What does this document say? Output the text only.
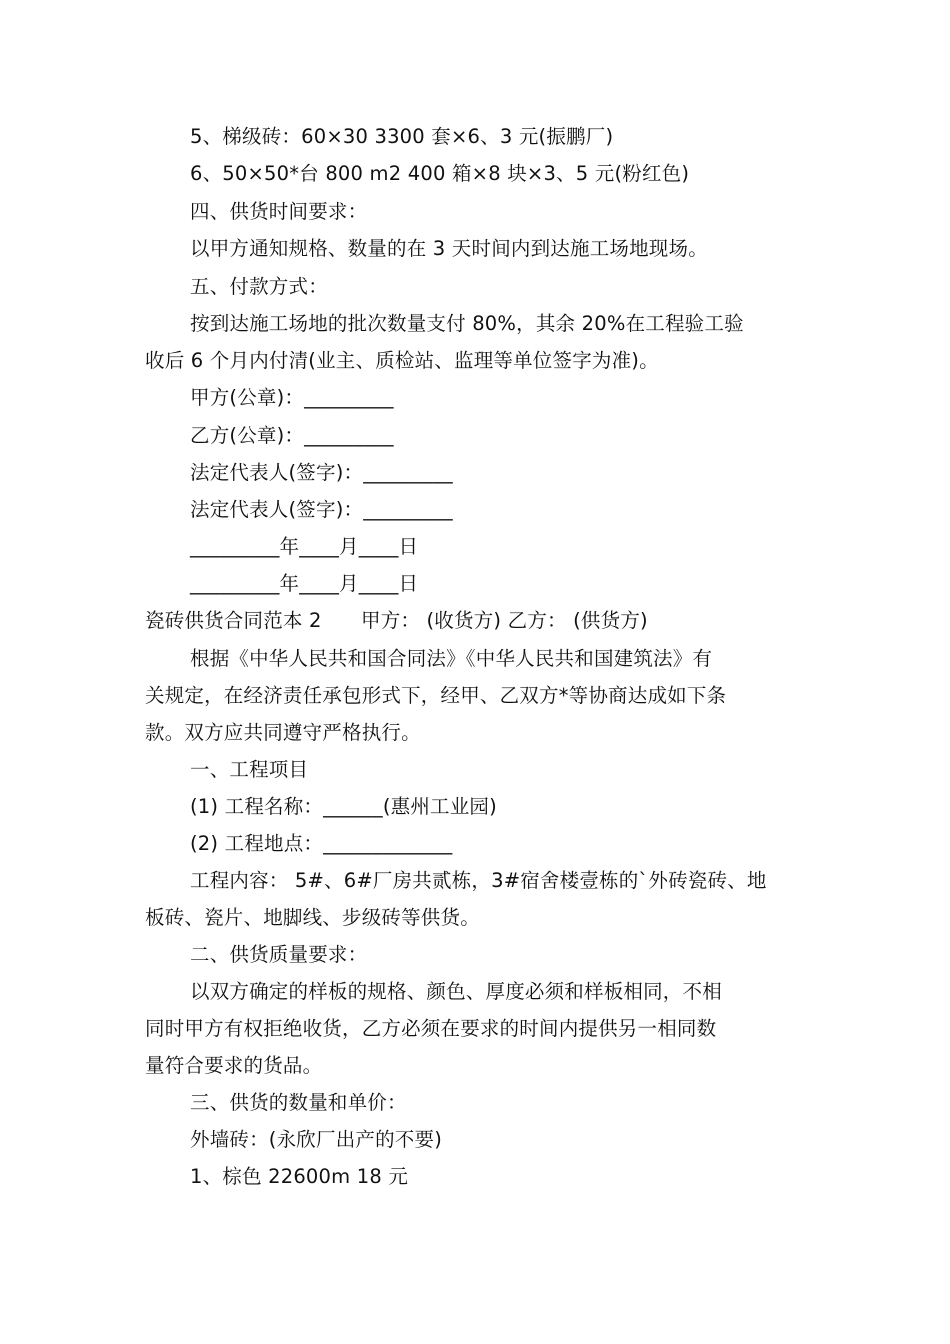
5、梯级砖：60×30 3300 套×6、3 元(振鹏厂)
6、50×50*台 800 m2 400 箱×8 块×3、5 元(粉红色)
四、供货时间要求：
以甲方通知规格、数量的在 3 天时间内到达施工场地现场。
五、付款方式：
按到达施工场地的批次数量支付 80%，其余 20%在工程验工验
收后 6 个月内付清(业主、质检站、监理等单位签字为准)。
甲方(公章)：_________
乙方(公章)：_________
法定代表人(签字)：_________
法定代表人(签字)：_________
_________年____月____日
_________年____月____日
瓷砖供货合同范本 2　　甲方： (收货方) 乙方： (供货方)
根据《中华人民共和国合同法》《中华人民共和国建筑法》有
关规定，在经济责任承包形式下，经甲、乙双方*等协商达成如下条
款。双方应共同遵守严格执行。
一、工程项目
(1) 工程名称：______(惠州工业园)
(2) 工程地点：_____________
工程内容： 5#、6#厂房共贰栋，3#宿舍楼壹栋的`外砖瓷砖、地
板砖、瓷片、地脚线、步级砖等供货。
二、供货质量要求：
以双方确定的样板的规格、颜色、厚度必须和样板相同，不相
同时甲方有权拒绝收货，乙方必须在要求的时间内提供另一相同数
量符合要求的货品。
三、供货的数量和单价：
外墙砖：(永欣厂出产的不要)
1、棕色 22600m 18 元
